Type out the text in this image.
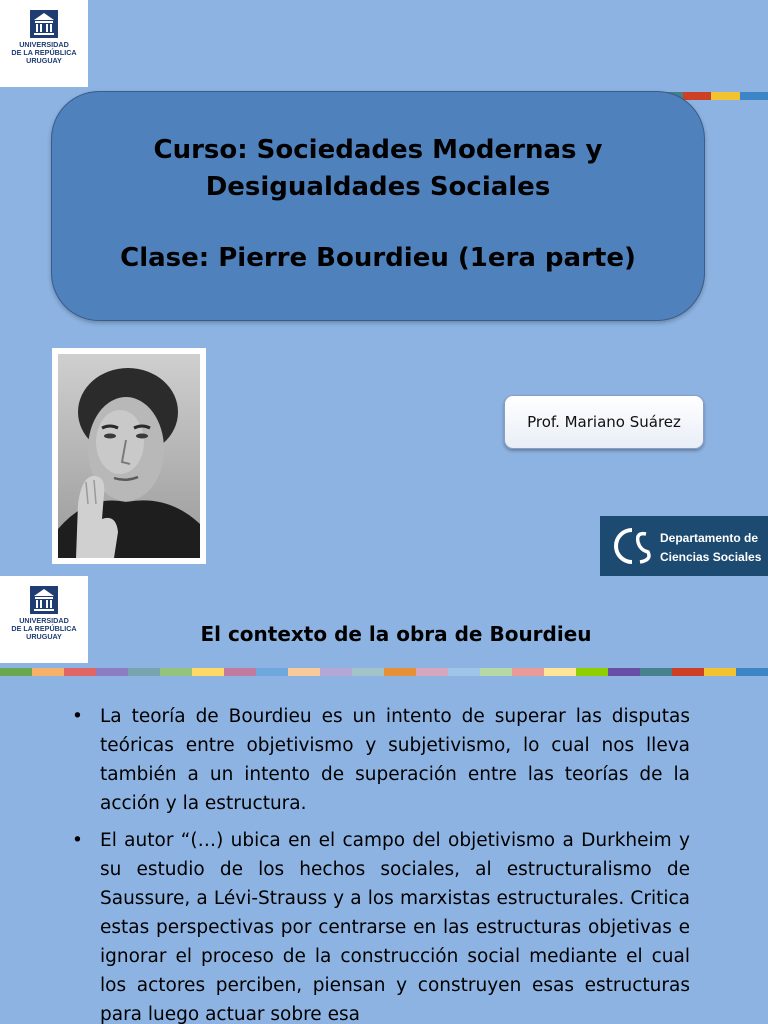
UNIVERSIDAD
DE LA REPÚBLICA
URUGUAY
Curso: Sociedades Modernas y
Desigualdades Sociales
Clase: Pierre Bourdieu (1era parte)
Prof. Mariano Suárez
Departamento de
Ciencias Sociales
UNIVERSIDAD
DE LA REPÚBLICA
URUGUAY	El contexto de la obra de Bourdieu
• La teoría de Bourdieu es un intento de superar las disputas teóricas entre objetivismo y subjetivismo, lo cual nos lleva también a un intento de superación entre las teorías de la acción y la estructura.
• El autor “(…) ubica en el campo del objetivismo a Durkheim y su estudio de los hechos sociales, al estructuralismo de Saussure, a Lévi-Strauss y a los marxistas estructurales. Critica estas perspectivas por centrarse en las estructuras objetivas e ignorar el proceso de la construcción social mediante el cual los actores perciben, piensan y construyen esas estructuras para luego actuar sobre esa
